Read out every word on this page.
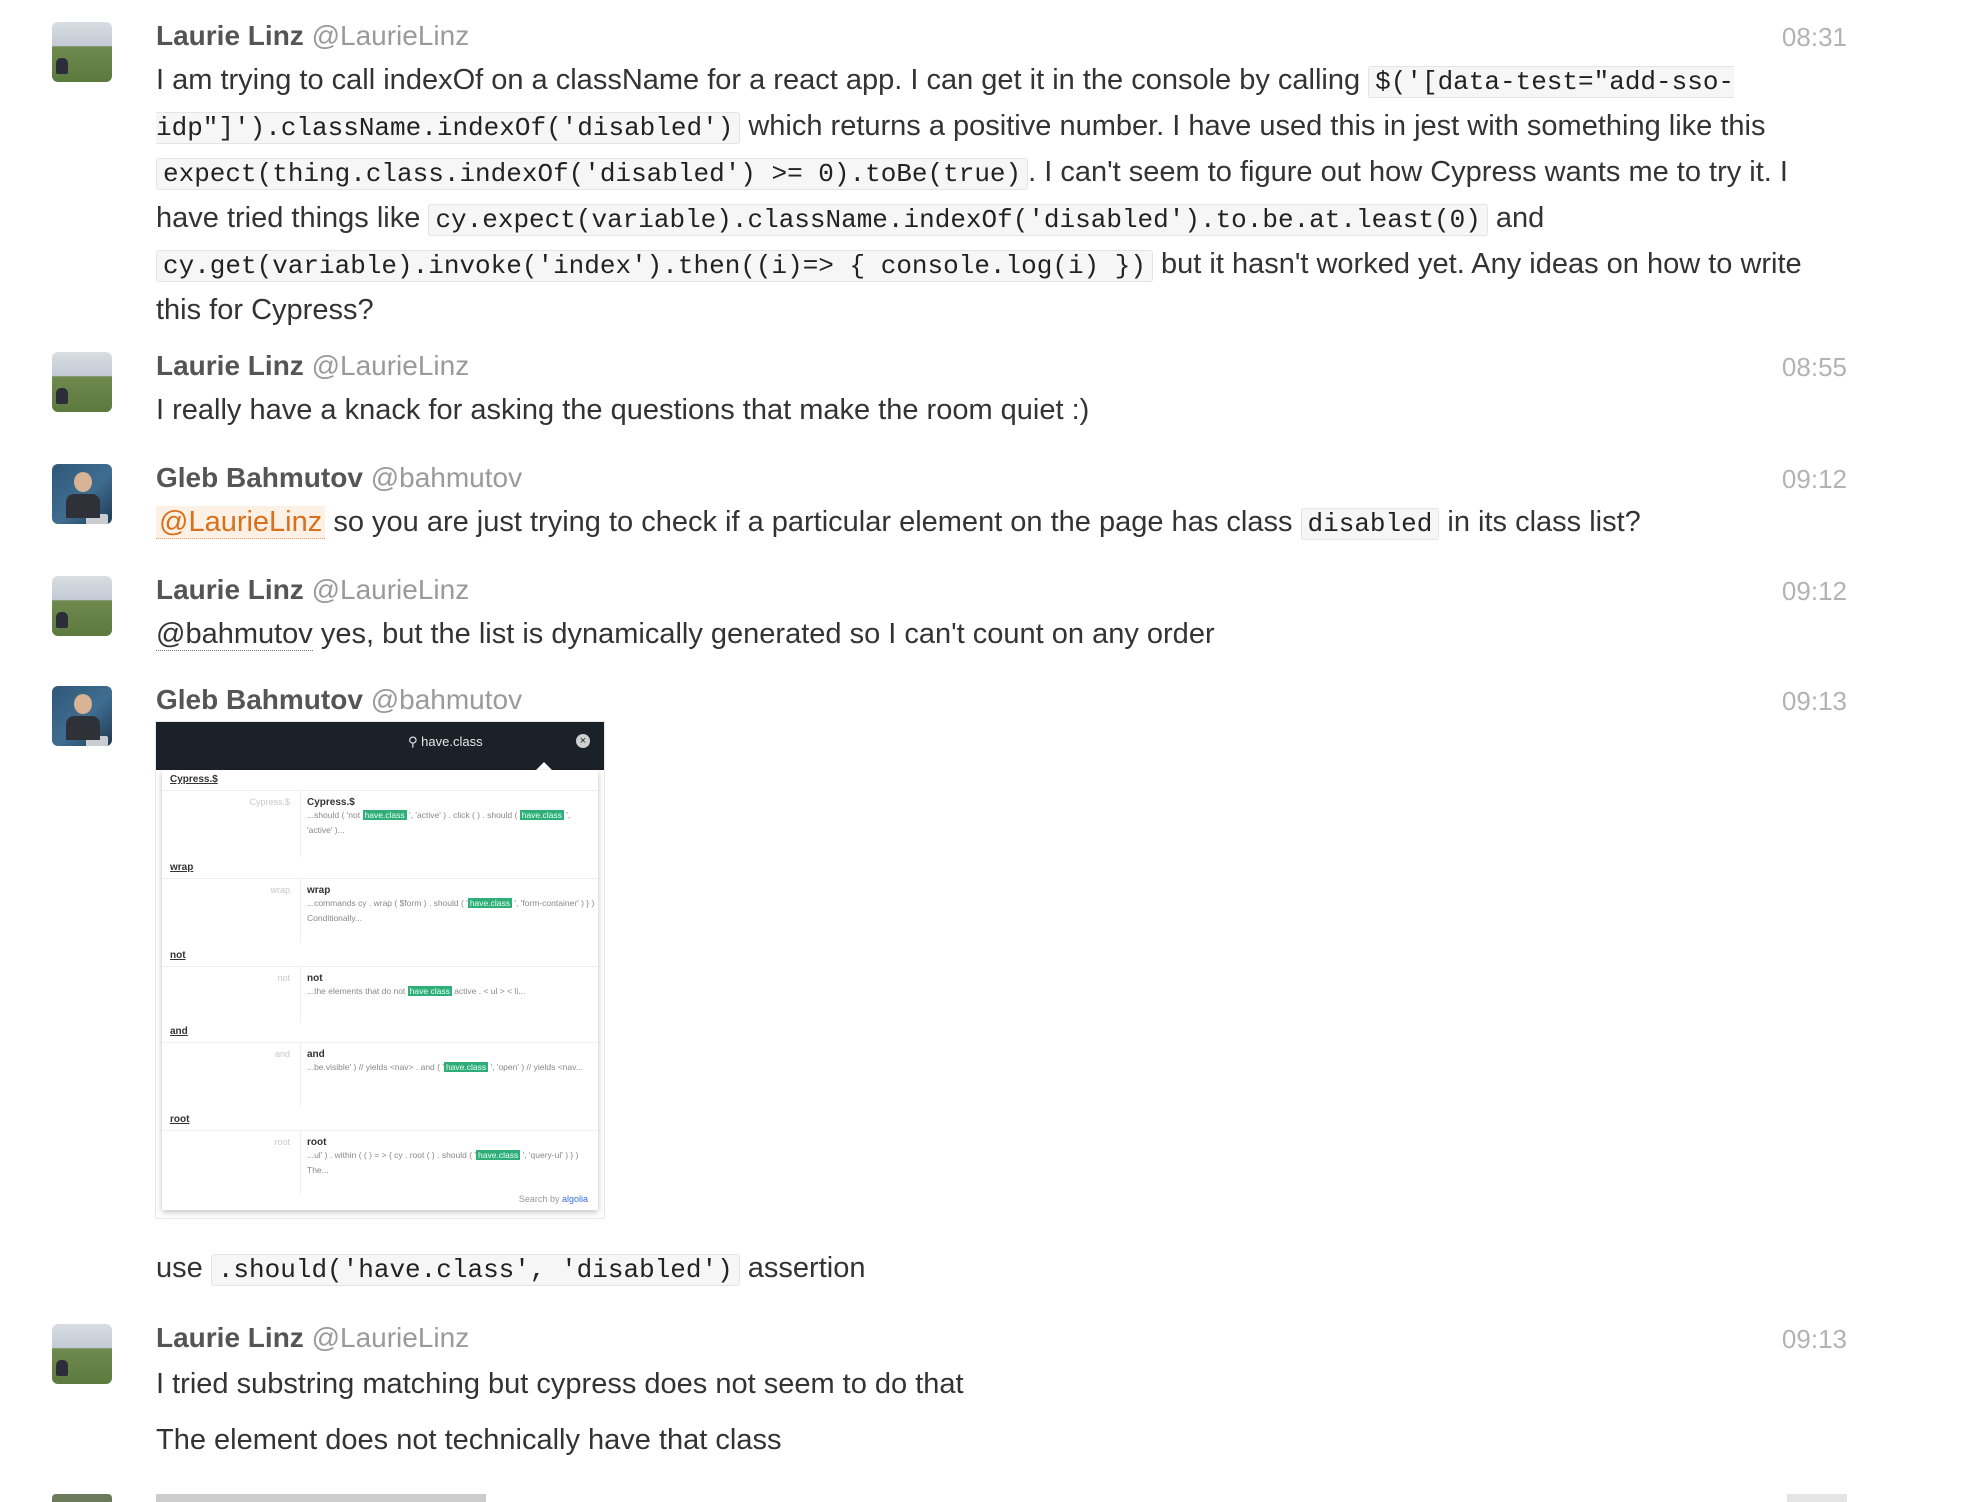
Laurie Linz @LaurieLinz	08:31
I am trying to call indexOf on a className for a react app. I can get it in the console by calling $('[data-test="add-sso-idp"]').className.indexOf('disabled') which returns a positive number. I have used this in jest with something like this expect(thing.class.indexOf('disabled') >= 0).toBe(true) . I can't seem to figure out how Cypress wants me to try it. I have tried things like cy.expect(variable).className.indexOf('disabled').to.be.at.least(0) and cy.get(variable).invoke('index').then((i)=> { console.log(i) }) but it hasn't worked yet. Any ideas on how to write this for Cypress?
Laurie Linz @LaurieLinz	08:55
I really have a knack for asking the questions that make the room quiet :)
Gleb Bahmutov @bahmutov	09:12
@LaurieLinz so you are just trying to check if a particular element on the page has class disabled in its class list?
Laurie Linz @LaurieLinz	09:12
@bahmutov yes, but the list is dynamically generated so I can't count on any order
Gleb Bahmutov @bahmutov	09:13
⚲ have.class	×
Cypress.$
Cypress.$ Cypress.$
...should ( 'not have.class ', 'active' ) . click ( ) . should ( have.class ', 'active' )...
wrap
wrap wrap
...commands cy . wrap ( $form ) . should ( ' have.class ', 'form-container' ) } ) Conditionally...
not
not not
...the elements that do not have class active . < ul > < li...
and
and and
...be.visible' ) // yields <nav> . and ( ' have.class ', 'open' ) // yields <nav...
root
root root
...ul' ) . within ( ( ) = > { cy . root ( ) . should ( ' have.class ', 'query-ul' ) } ) The...
Search by algolia
use .should('have.class', 'disabled') assertion
Laurie Linz @LaurieLinz	09:13
I tried substring matching but cypress does not seem to do that
The element does not technically have that class
